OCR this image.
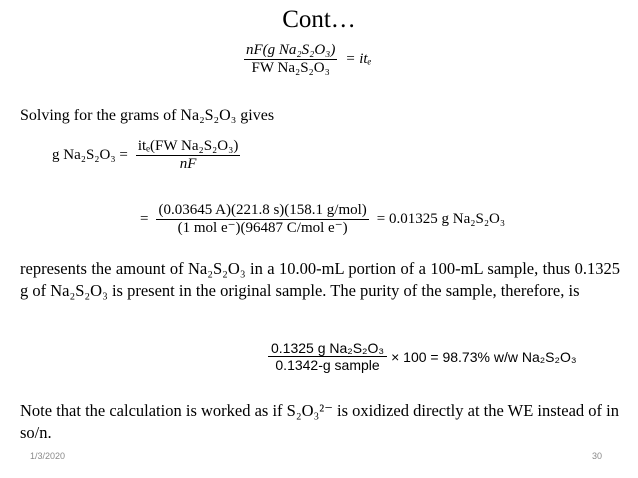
Cont…
$\frac{\text{nF(g Na₂S₂O₃)}}{\text{FW Na₂S₂O₃}} = it_e$
Solving for the grams of Na₂S₂O₃ gives
g $Na_2S_2O_3 = \frac{\text{itₑ(FW Na₂S₂O₃)}}{nF}$
= $\frac{\text{(0.03645 A)(221.8 s)(158.1 g/mol)}}{\text{(1 mol e⁻)(96487 C/mol e⁻)}} = 0.01325$ g Na₂S₂O₃
represents the amount of Na₂S₂O₃ in a 10.00-mL portion of a 100-mL sample, thus 0.1325 g of Na₂S₂O₃ is present in the original sample. The purity of the sample, therefore, is
$\frac{\text{0.1325 g Na₂S₂O₃}}{\text{0.1342-g sample}} \times 100 = 98.73\%$ w/w Na₂S₂O₃
Note that the calculation is worked as if S₂O₃²⁻ is oxidized directly at the WE instead of in so/n.
1/3/2020	30
